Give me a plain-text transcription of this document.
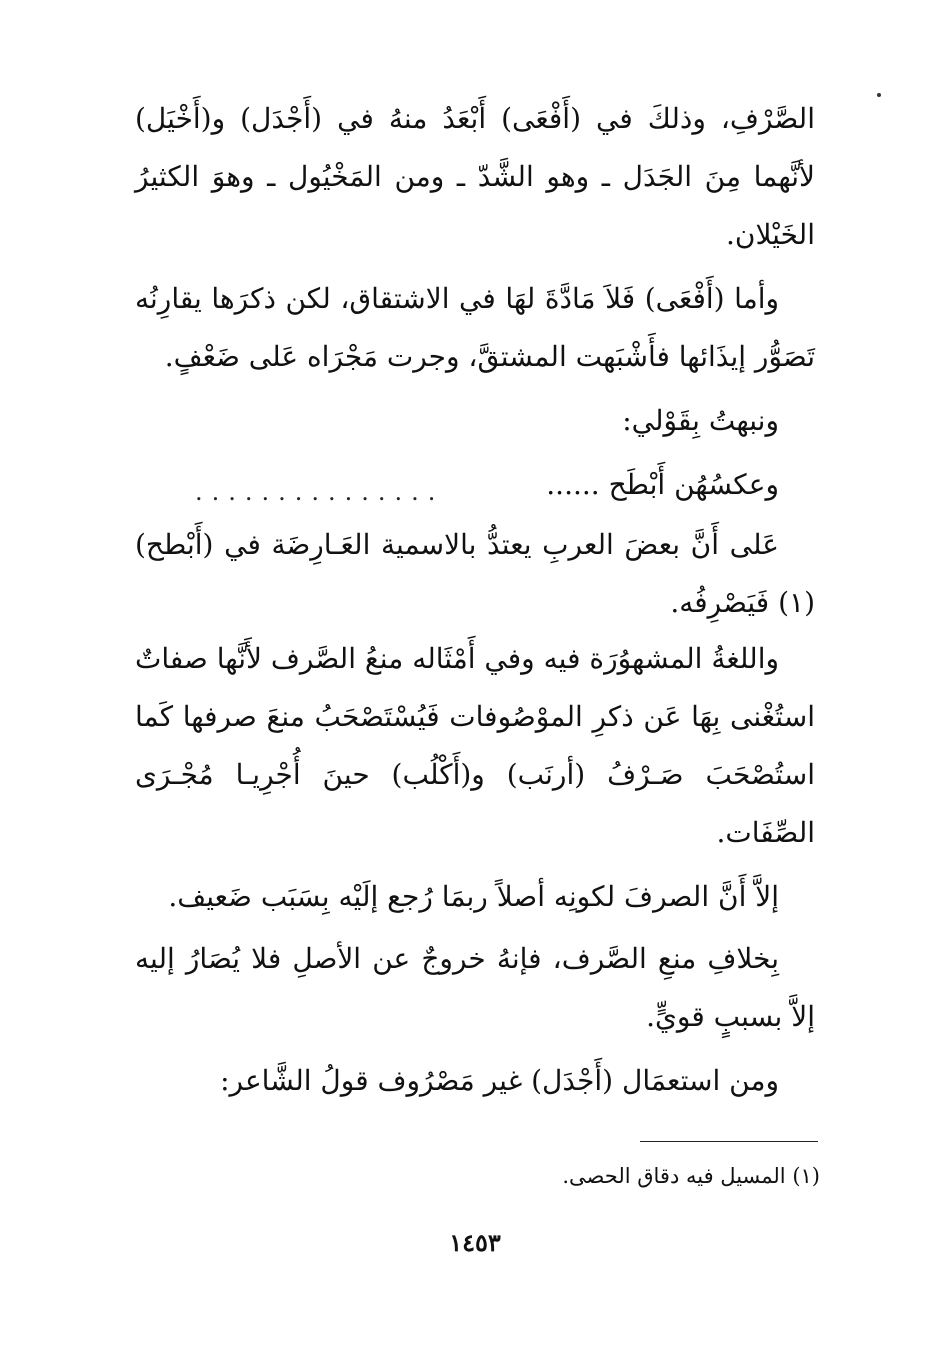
الصَّرْفِ، وذلكَ في (أَفْعَى) أَبْعَدُ منهُ في (أَجْدَل) و(أَخْيَل) لأنَّهما مِنَ الجَدَل ـ وهو الشَّدّ ـ ومن المَخْيُول ـ وهوَ الكثيرُ الخَيْلان.

وأما (أَفْعَى) فَلاَ مَادَّةَ لهَا في الاشتقاق، لكن ذكرَها يقارِنُه تَصَوُّر إيذَائها فأَشْبَهت المشتقَّ، وجرت مَجْرَاه عَلى ضَعْفٍ.

ونبهتُ بِقَوْلي:

وعكسُهُن أَبْطَح ......

...............

عَلى أَنَّ بعضَ العربِ يعتدُّ بالاسمية العَـارِضَة في (أَبْطح)(١) فَيَصْرِفُه.

واللغةُ المشهوُرَة فيه وفي أَمْثَاله منعُ الصَّرف لأَنَّها صفاتٌ استُغْنى بِهَا عَن ذكرِ الموْصُوفات فَيُسْتَصْحَبُ منعَ صرفها كَما استُصْحَبَ صَـرْفُ (أرنَب) و(أَكْلُب) حينَ أُجْرِيـا مُجْـرَى الصِّفَات.

إلاَّ أَنَّ الصرفَ لكونِه أصلاً ربمَا رُجع إلَيْه بِسَبَب ضَعيف.

بِخلافِ منعِ الصَّرف، فإنهُ خروجٌ عن الأصلِ فلا يُصَارُ إليه إلاَّ بسببٍ قويٍّ.

ومن استعمَال (أَجْدَل) غير مَصْرُوف قولُ الشَّاعر:

(١) المسيل فيه دقاق الحصى.

١٤٥٣
